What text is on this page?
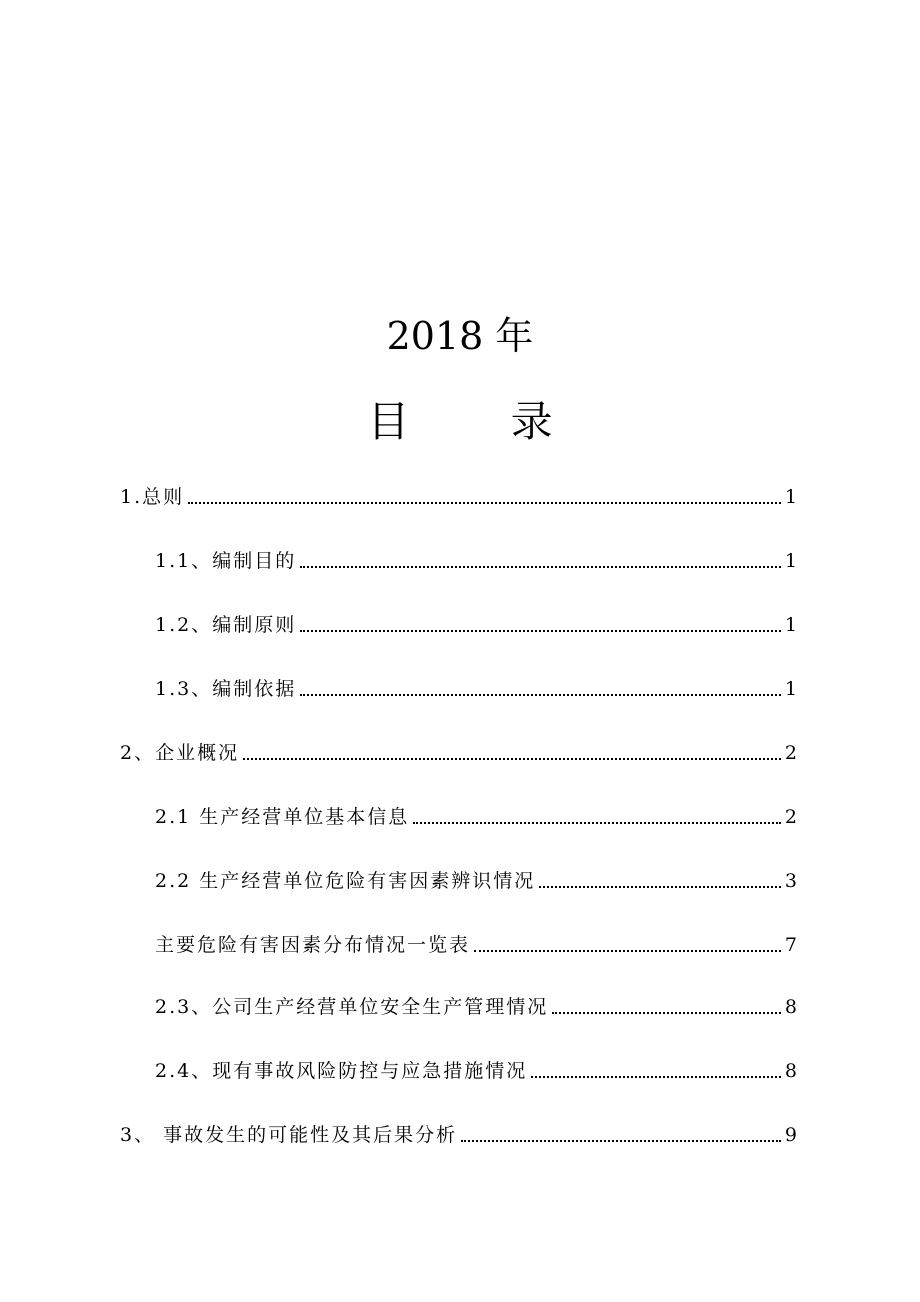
2018 年
目 录
1.总则	1
1.1、编制目的	1
1.2、编制原则	1
1.3、编制依据	1
2、企业概况	2
2.1 生产经营单位基本信息	2
2.2 生产经营单位危险有害因素辨识情况	3
主要危险有害因素分布情况一览表	7
2.3、公司生产经营单位安全生产管理情况	8
2.4、现有事故风险防控与应急措施情况	8
3、 事故发生的可能性及其后果分析	9
